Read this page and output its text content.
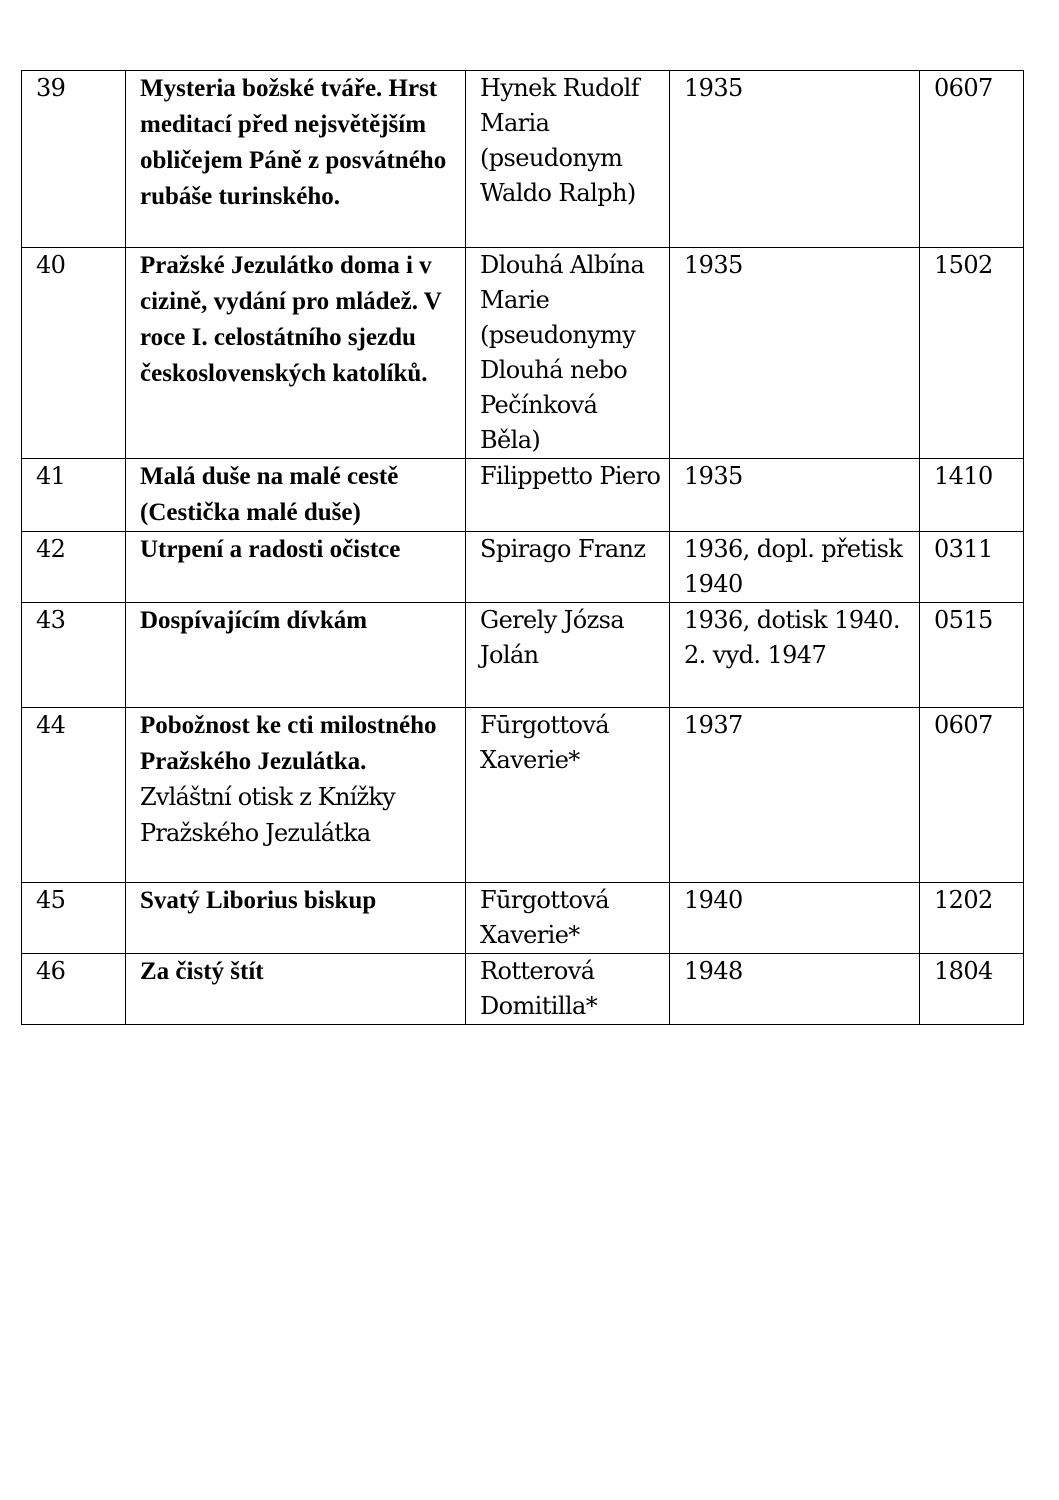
39	Mysteria božské tváře. Hrst meditací před nejsvětějším obličejem Páně z posvátného rubáše turinského.	Hynek Rudolf Maria (pseudonym Waldo Ralph)	1935	0607
40	Pražské Jezulátko doma i v cizině, vydání pro mládež. V roce I. celostátního sjezdu československých katolíků.	Dlouhá Albína Marie (pseudonymy Dlouhá nebo Pečínková Běla)	1935	1502
41	Malá duše na malé cestě (Cestička malé duše)	Filippetto Piero	1935	1410
42	Utrpení a radosti očistce	Spirago Franz	1936, dopl. přetisk 1940	0311
43	Dospívajícím dívkám	Gerely Józsa Jolán	1936, dotisk 1940. 2. vyd. 1947	0515
44	Pobožnost ke cti milostného Pražského Jezulátka. Zvláštní otisk z Knížky Pražského Jezulátka	Fūrgottová Xaverie*	1937	0607
45	Svatý Liborius biskup	Fūrgottová Xaverie*	1940	1202
46	Za čistý štít	Rotterová Domitilla*	1948	1804
